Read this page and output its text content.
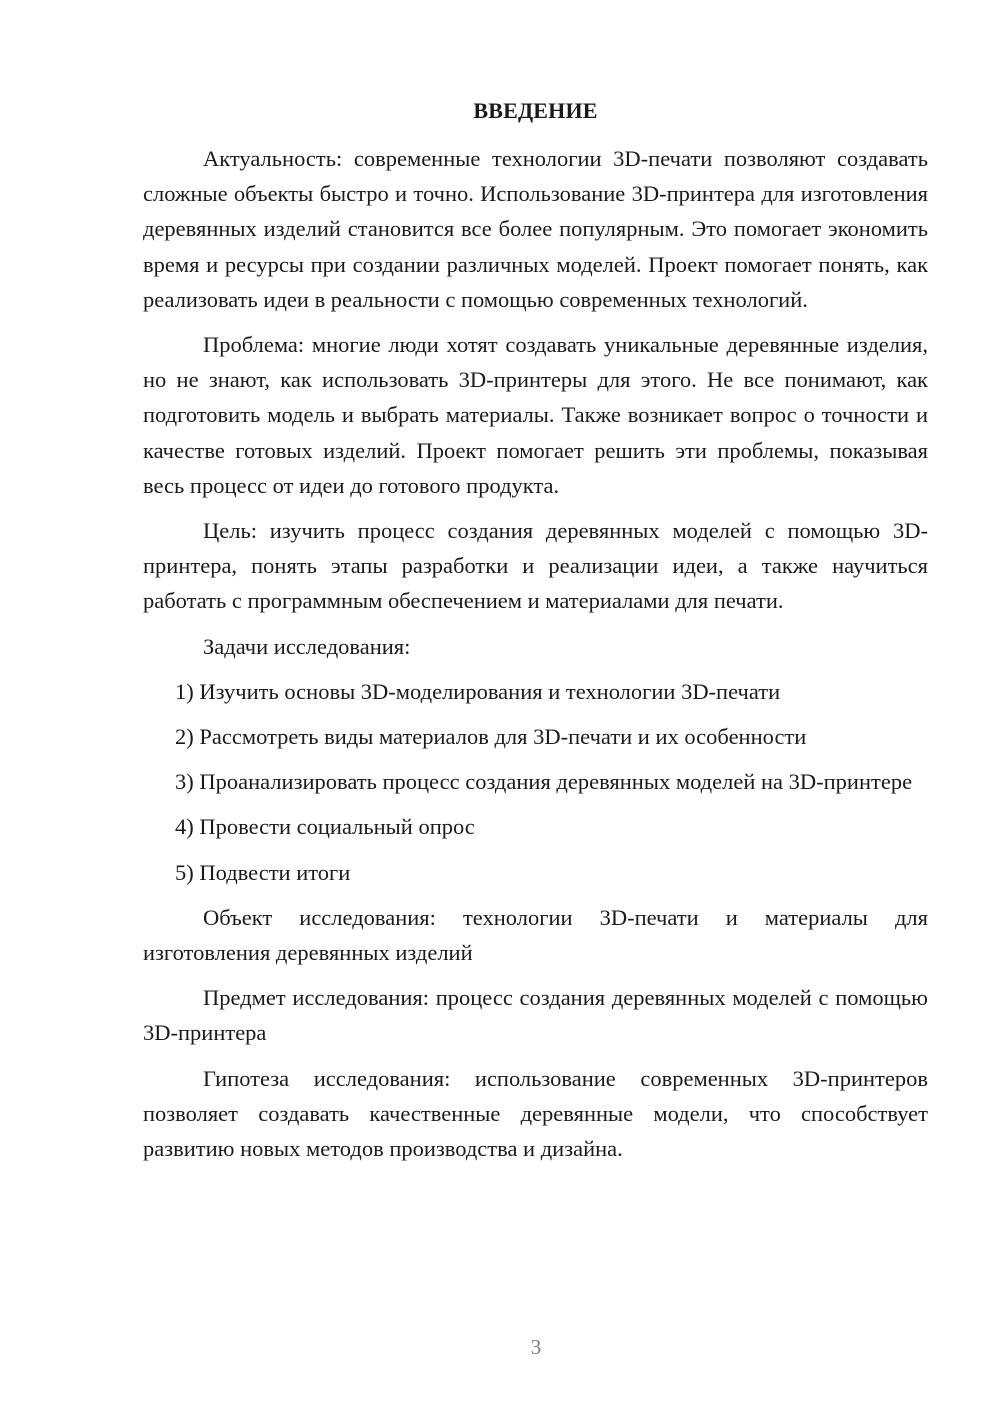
ВВЕДЕНИЕ

Актуальность: современные технологии 3D-печати позволяют создавать сложные объекты быстро и точно. Использование 3D-принтера для изготовления деревянных изделий становится все более популярным. Это помогает экономить время и ресурсы при создании различных моделей. Проект помогает понять, как реализовать идеи в реальности с помощью современных технологий.

Проблема: многие люди хотят создавать уникальные деревянные изделия, но не знают, как использовать 3D-принтеры для этого. Не все понимают, как подготовить модель и выбрать материалы. Также возникает вопрос о точности и качестве готовых изделий. Проект помогает решить эти проблемы, показывая весь процесс от идеи до готового продукта.

Цель: изучить процесс создания деревянных моделей с помощью 3D-принтера, понять этапы разработки и реализации идеи, а также научиться работать с программным обеспечением и материалами для печати.

Задачи исследования:

1) Изучить основы 3D-моделирования и технологии 3D-печати

2) Рассмотреть виды материалов для 3D-печати и их особенности

3) Проанализировать процесс создания деревянных моделей на 3D-принтере

4) Провести социальный опрос

5) Подвести итоги

Объект исследования: технологии 3D-печати и материалы для изготовления деревянных изделий

Предмет исследования: процесс создания деревянных моделей с помощью 3D-принтера

Гипотеза исследования: использование современных 3D-принтеров позволяет создавать качественные деревянные модели, что способствует развитию новых методов производства и дизайна.

3
